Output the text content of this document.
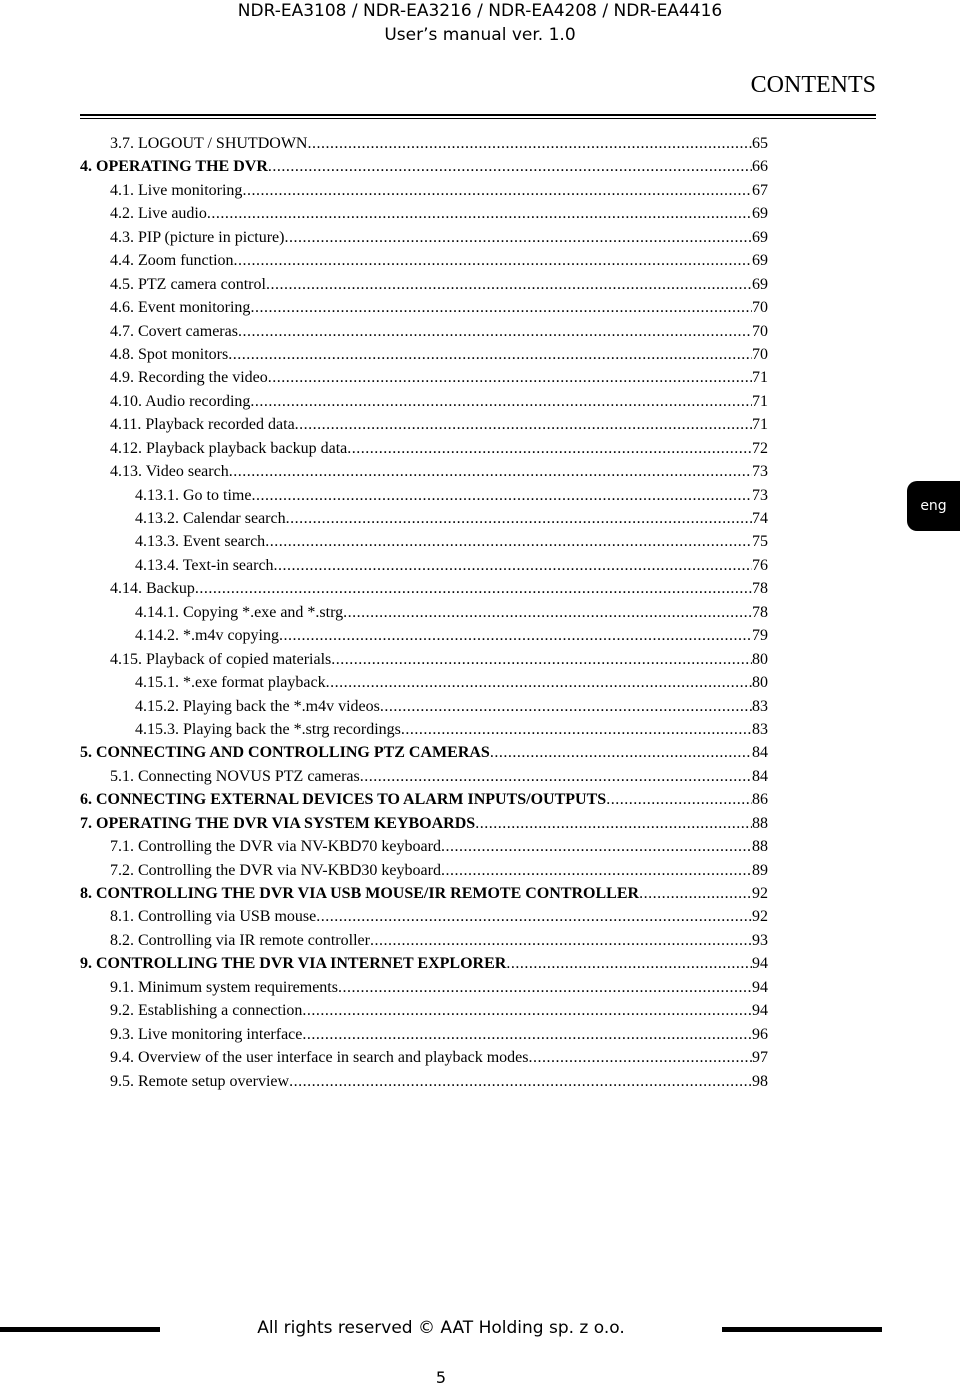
NDR-EA3108 / NDR-EA3216 / NDR-EA4208 / NDR-EA4416
User’s manual ver. 1.0
CONTENTS
3.7. LOGOUT / SHUTDOWN .....	65
4. OPERATING THE DVR .....	66
4.1. Live monitoring .....	67
4.2. Live audio .....	69
4.3. PIP (picture in picture) .....	69
4.4. Zoom function .....	69
4.5. PTZ camera control .....	69
4.6. Event monitoring .....	70
4.7. Covert cameras .....	70
4.8. Spot monitors .....	70
4.9. Recording the video .....	71
4.10. Audio recording .....	71
4.11. Playback recorded data .....	71
4.12. Playback playback backup data .....	72
4.13. Video search .....	73
4.13.1. Go to time .....	73
4.13.2. Calendar search .....	74
4.13.3. Event search .....	75
4.13.4. Text-in search .....	76
4.14. Backup .....	78
4.14.1. Copying *.exe and *.strg .....	78
4.14.2. *.m4v copying .....	79
4.15. Playback of copied materials .....	80
4.15.1. *.exe format playback .....	80
4.15.2. Playing back the *.m4v videos .....	83
4.15.3. Playing back the *.strg recordings .....	83
5. CONNECTING AND CONTROLLING PTZ CAMERAS .....	84
5.1. Connecting NOVUS PTZ cameras .....	84
6. CONNECTING EXTERNAL DEVICES TO ALARM INPUTS/OUTPUTS .....	86
7. OPERATING THE DVR VIA SYSTEM KEYBOARDS .....	88
7.1. Controlling the DVR via NV-KBD70 keyboard .....	88
7.2. Controlling the DVR via NV-KBD30 keyboard .....	89
8. CONTROLLING THE DVR VIA USB MOUSE/IR REMOTE CONTROLLER .....	92
8.1. Controlling via USB mouse .....	92
8.2. Controlling via IR remote controller .....	93
9. CONTROLLING THE DVR VIA INTERNET EXPLORER .....	94
9.1. Minimum system requirements .....	94
9.2. Establishing a connection .....	94
9.3. Live monitoring interface .....	96
9.4. Overview of the user interface in search and playback modes .....	97
9.5. Remote setup overview .....	98
eng
All rights reserved © AAT Holding sp. z o.o.
5
